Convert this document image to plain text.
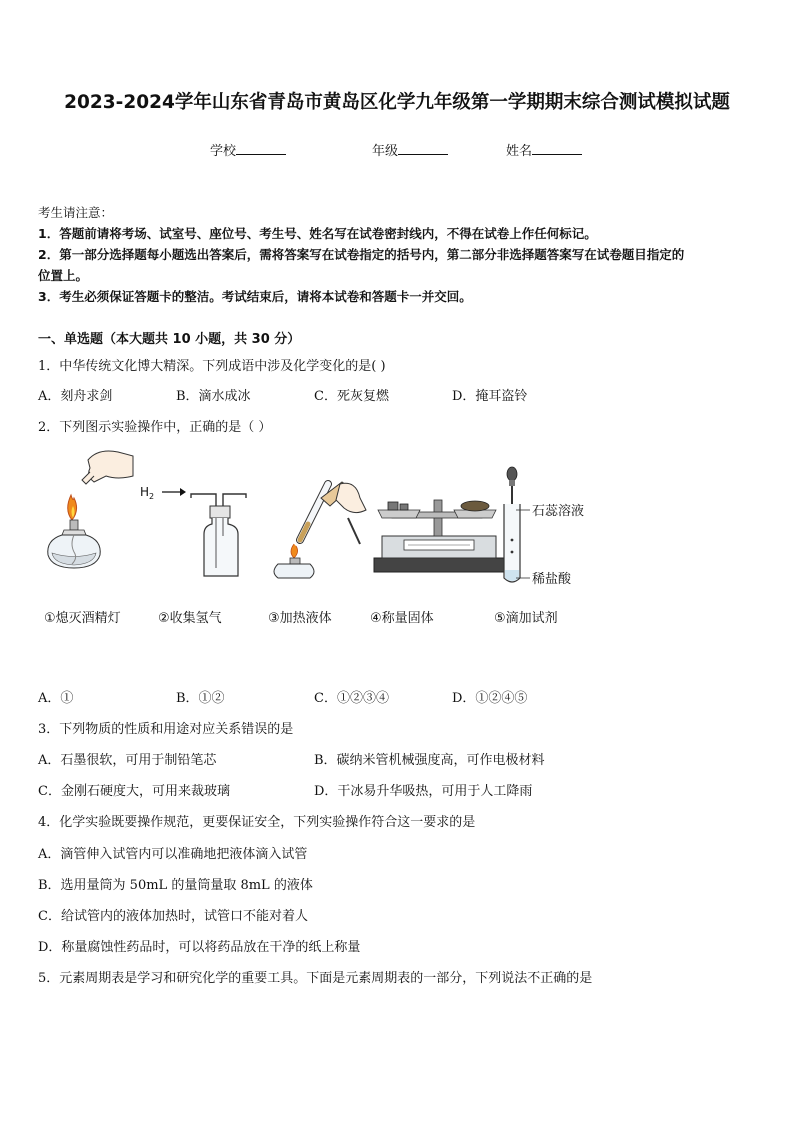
2023-2024学年山东省青岛市黄岛区化学九年级第一学期期末综合测试模拟试题
学校	年级	姓名
考生请注意：
1．答题前请将考场、试室号、座位号、考生号、姓名写在试卷密封线内，不得在试卷上作任何标记。
2．第一部分选择题每小题选出答案后，需将答案写在试卷指定的括号内，第二部分非选择题答案写在试卷题目指定的
位置上。
3．考生必须保证答题卡的整洁。考试结束后，请将本试卷和答题卡一并交回。
一、单选题（本大题共 10 小题，共 30 分）
1．中华传统文化博大精深。下列成语中涉及化学变化的是( )
A．刻舟求剑	B．滴水成冰	C．死灰复燃	D．掩耳盗铃
2．下列图示实验操作中，正确的是（ ）
$H_2$
石蕊溶液
稀盐酸
①熄灭酒精灯	②收集氢气	③加热液体	④称量固体	⑤滴加试剂
A．①	B．①②	C．①②③④	D．①②④⑤
3．下列物质的性质和用途对应关系错误的是
A．石墨很软，可用于制铅笔芯	B．碳纳米管机械强度高，可作电极材料
C．金刚石硬度大，可用来裁玻璃	D．干冰易升华吸热，可用于人工降雨
4．化学实验既要操作规范，更要保证安全，下列实验操作符合这一要求的是
A．滴管伸入试管内可以准确地把液体滴入试管
B．选用量筒为 50mL 的量筒量取 8mL 的液体
C．给试管内的液体加热时，试管口不能对着人
D．称量腐蚀性药品时，可以将药品放在干净的纸上称量
5．元素周期表是学习和研究化学的重要工具。下面是元素周期表的一部分，下列说法不正确的是
